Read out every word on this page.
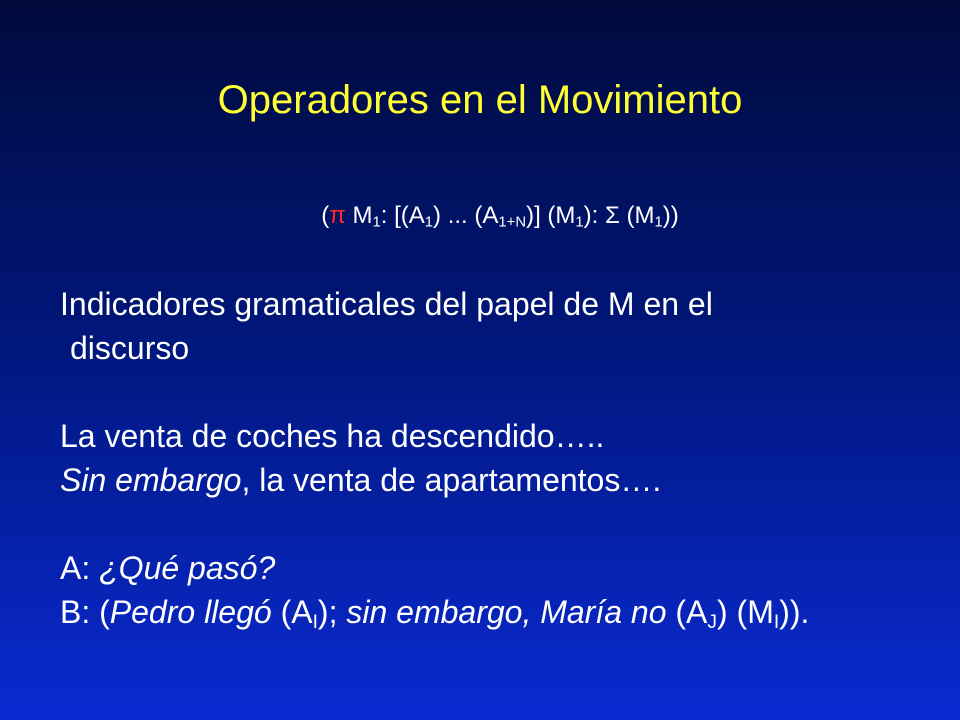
Operadores en el Movimiento
(π $M_1$: [$(A_1)$ ... $(A_{1+N})$] $(M_1)$: Σ $(M_1)$)
Indicadores gramaticales del papel de M en el
discurso
La venta de coches ha descendido…..
Sin embargo, la venta de apartamentos….
A: ¿Qué pasó?
B: (Pedro llegó $(A_I)$; sin embargo, María no $(A_J)$ $(M_I)$).
